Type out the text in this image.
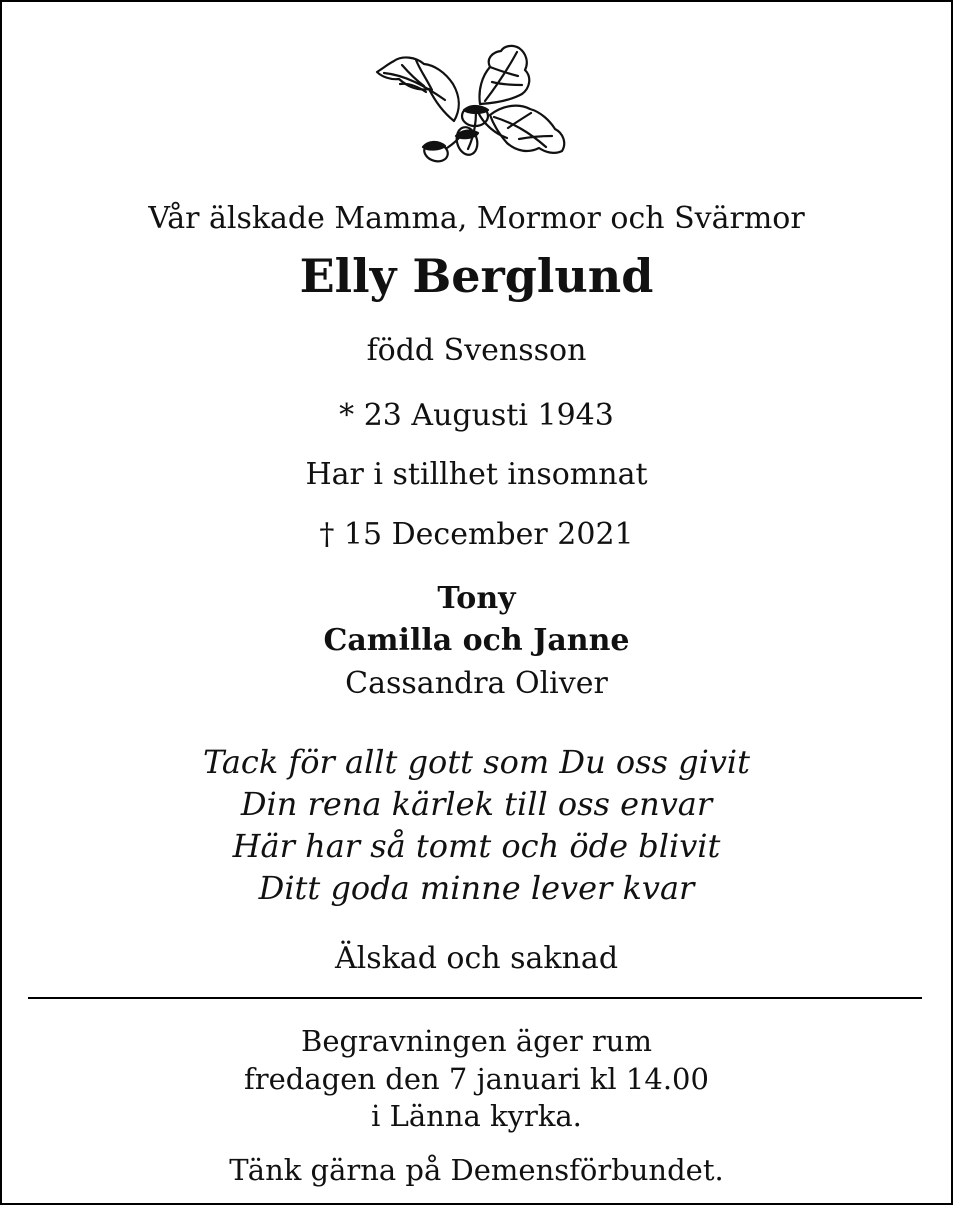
Vår älskade Mamma, Mormor och Svärmor
Elly Berglund
född Svensson
* 23 Augusti 1943
Har i stillhet insomnat
† 15 December 2021
Tony
Camilla och Janne
Cassandra Oliver
Tack för allt gott som Du oss givit
Din rena kärlek till oss envar
Här har så tomt och öde blivit
Ditt goda minne lever kvar
Älskad och saknad
Begravningen äger rum
fredagen den 7 januari kl 14.00
i Länna kyrka.
Tänk gärna på Demensförbundet.
